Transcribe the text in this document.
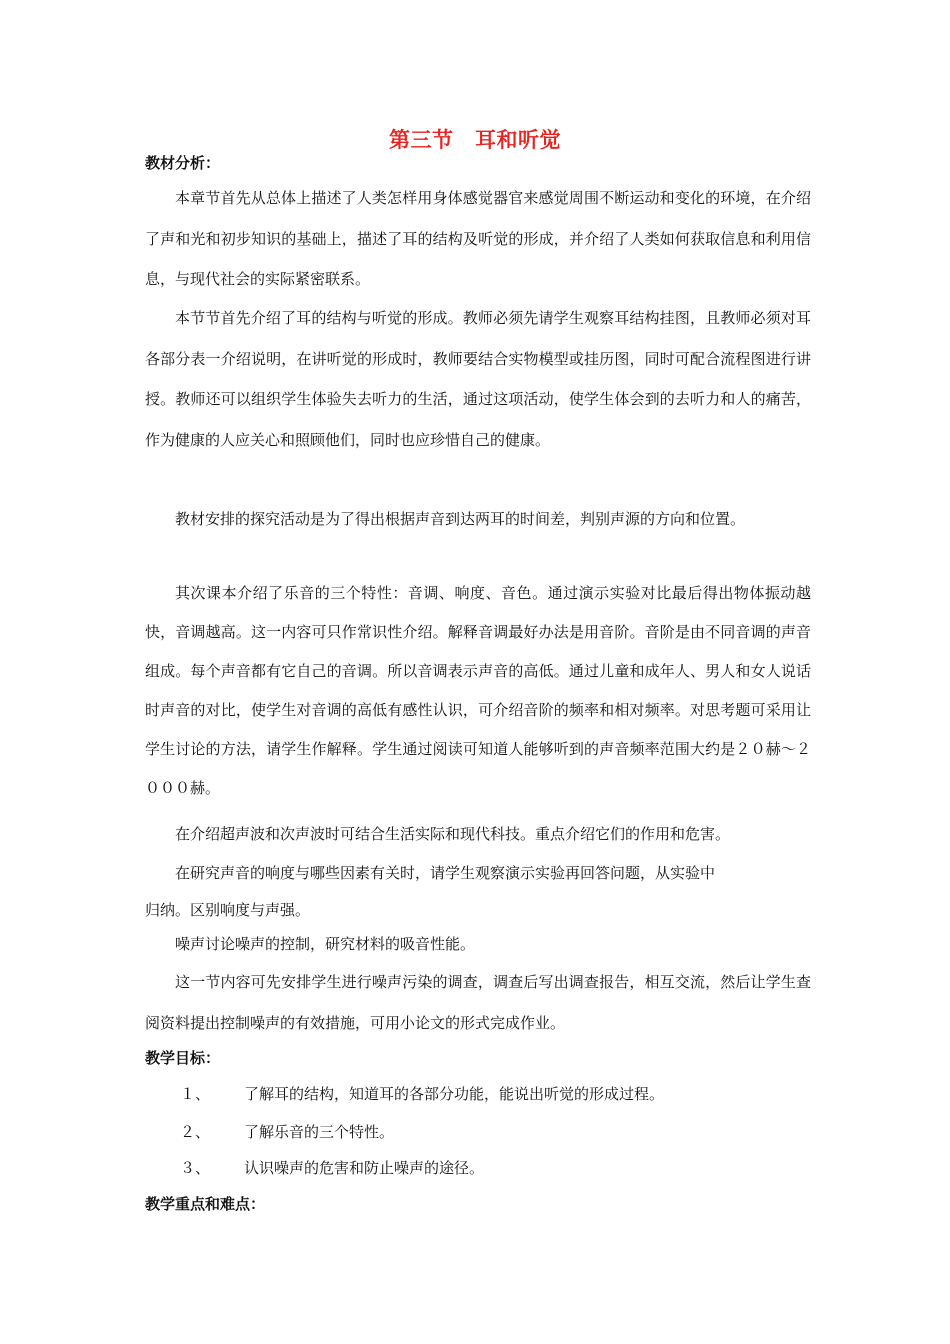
第三节　耳和听觉
教材分析：

本章节首先从总体上描述了人类怎样用身体感觉器官来感觉周围不断运动和变化的环境，在介绍了声和光和初步知识的基础上，描述了耳的结构及听觉的形成，并介绍了人类如何获取信息和利用信息，与现代社会的实际紧密联系。

本节节首先介绍了耳的结构与听觉的形成。教师必须先请学生观察耳结构挂图，且教师必须对耳各部分表一介绍说明，在讲听觉的形成时，教师要结合实物模型或挂历图，同时可配合流程图进行讲授。教师还可以组织学生体验失去听力的生活，通过这项活动，使学生体会到的去听力和人的痛苦，作为健康的人应关心和照顾他们，同时也应珍惜自己的健康。

教材安排的探究活动是为了得出根据声音到达两耳的时间差，判别声源的方向和位置。

其次课本介绍了乐音的三个特性：音调、响度、音色。通过演示实验对比最后得出物体振动越快，音调越高。这一内容可只作常识性介绍。解释音调最好办法是用音阶。音阶是由不同音调的声音组成。每个声音都有它自己的音调。所以音调表示声音的高低。通过儿童和成年人、男人和女人说话时声音的对比，使学生对音调的高低有感性认识，可介绍音阶的频率和相对频率。对思考题可采用让学生讨论的方法，请学生作解释。学生通过阅读可知道人能够听到的声音频率范围大约是２０赫～２０００赫。

在介绍超声波和次声波时可结合生活实际和现代科技。重点介绍它们的作用和危害。

在研究声音的响度与哪些因素有关时，请学生观察演示实验再回答问题，从实验中
归纳。区别响度与声强。

噪声讨论噪声的控制，研究材料的吸音性能。

这一节内容可先安排学生进行噪声污染的调查，调查后写出调查报告，相互交流，然后让学生查阅资料提出控制噪声的有效措施，可用小论文的形式完成作业。

教学目标：
１、 了解耳的结构，知道耳的各部分功能，能说出听觉的形成过程。
２、 了解乐音的三个特性。
３、 认识噪声的危害和防止噪声的途径。
教学重点和难点：
